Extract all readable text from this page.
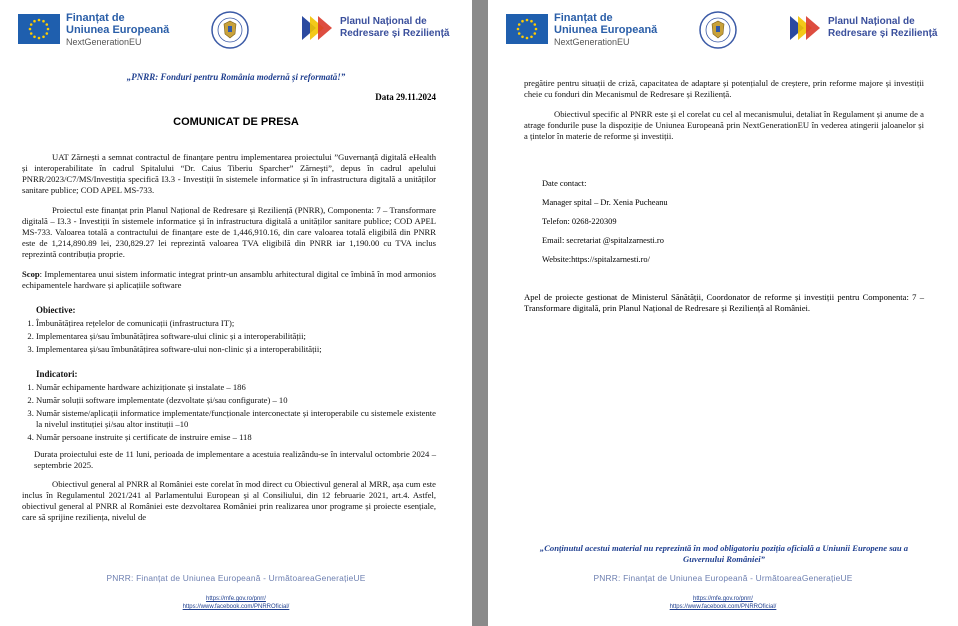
Finanțat de
Uniunea Europeană
NextGenerationEU
Planul Național de
Redresare și Reziliență
„PNRR: Fonduri pentru România modernă și reformată!”
Data 29.11.2024
COMUNICAT DE PRESA

UAT Zărnești a semnat contractul de finanțare pentru implementarea proiectului ”Guvernanță digitală eHealth și interoperabilitate în cadrul Spitalului “Dr. Caius Tiberiu Sparcher” Zărnești”, depus în cadrul apelului PNRR/2023/C7/MS/Investiția specifică I3.3 - Investiții în sistemele informatice și în infrastructura digitală a unităților sanitare publice; COD APEL MS-733.

Proiectul este finanțat prin Planul Național de Redresare și Reziliență (PNRR), Componenta: 7 – Transformare digitală – I3.3 - Investiții în sistemele informatice și în infrastructura digitală a unităților sanitare publice; COD APEL MS-733. Valoarea totală a contractului de finanțare este de 1,446,910.16, din care valoarea totală eligibilă din PNRR este de 1,214,890.89 lei, 230,829.27 lei reprezintă valoarea TVA eligibilă din PNRR iar 1,190.00 cu TVA inclus reprezintă contribuția proprie.

Scop: Implementarea unui sistem informatic integrat printr-un ansamblu arhitectural digital ce îmbină în mod armonios echipamentele hardware și aplicațiile software

Obiective:
1. Îmbunătățirea rețelelor de comunicații (infrastructura IT);
2. Implementarea și/sau îmbunătățirea software-ului clinic și a interoperabilității;
3. Implementarea și/sau îmbunătățirea software-ului non-clinic și a interoperabilității;
Indicatori:
1. Număr echipamente hardware achiziționate și instalate – 186
2. Număr soluții software implementate (dezvoltate și/sau configurate) – 10
3. Număr sisteme/aplicații informatice implementate/funcționale interconectate și interoperabile cu sistemele existente la nivelul instituției și/sau altor instituții –10
4. Număr persoane instruite și certificate de instruire emise – 118

Durata proiectului este de 11 luni, perioada de implementare a acestuia realizându-se în intervalul octombrie 2024 – septembrie 2025.

Obiectivul general al PNRR al României este corelat în mod direct cu Obiectivul general al MRR, așa cum este inclus în Regulamentul 2021/241 al Parlamentului European și al Consiliului, din 12 februarie 2021, art.4. Astfel, obiectivul general al PNRR al României este dezvoltarea României prin realizarea unor programe și proiecte esențiale, care să sprijine reziliența, nivelul de

PNRR: Finanțat de Uniunea Europeană - UrmătoareaGenerațieUE
https://mfe.gov.ro/pnrr/
https://www.facebook.com/PNRROficial/
Finanțat de
Uniunea Europeană
NextGenerationEU
Planul Național de
Redresare și Reziliență

pregătire pentru situații de criză, capacitatea de adaptare și potențialul de creștere, prin reforme majore și investiții cheie cu fonduri din Mecanismul de Redresare și Reziliență.

Obiectivul specific al PNRR este și el corelat cu cel al mecanismului, detaliat în Regulament și anume de a atrage fondurile puse la dispoziție de Uniunea Europeană prin NextGenerationEU în vederea atingerii jaloanelor și a țintelor în materie de reforme și investiții.

Date contact:
Manager spital – Dr. Xenia Pucheanu
Telefon: 0268-220309
Email: secretariat @spitalzarnesti.ro
Website:https://spitalzarnesti.ro/
Apel de proiecte gestionat de Ministerul Sănătății, Coordonator de reforme și investiții pentru Componenta: 7 – Transformare digitală, prin Planul Național de Redresare și Reziliență al României.
„Conținutul acestui material nu reprezintă în mod obligatoriu poziția oficială a Uniunii Europene sau a Guvernului României”
PNRR: Finanțat de Uniunea Europeană - UrmătoareaGenerațieUE
https://mfe.gov.ro/pnrr/
https://www.facebook.com/PNRROficial/
